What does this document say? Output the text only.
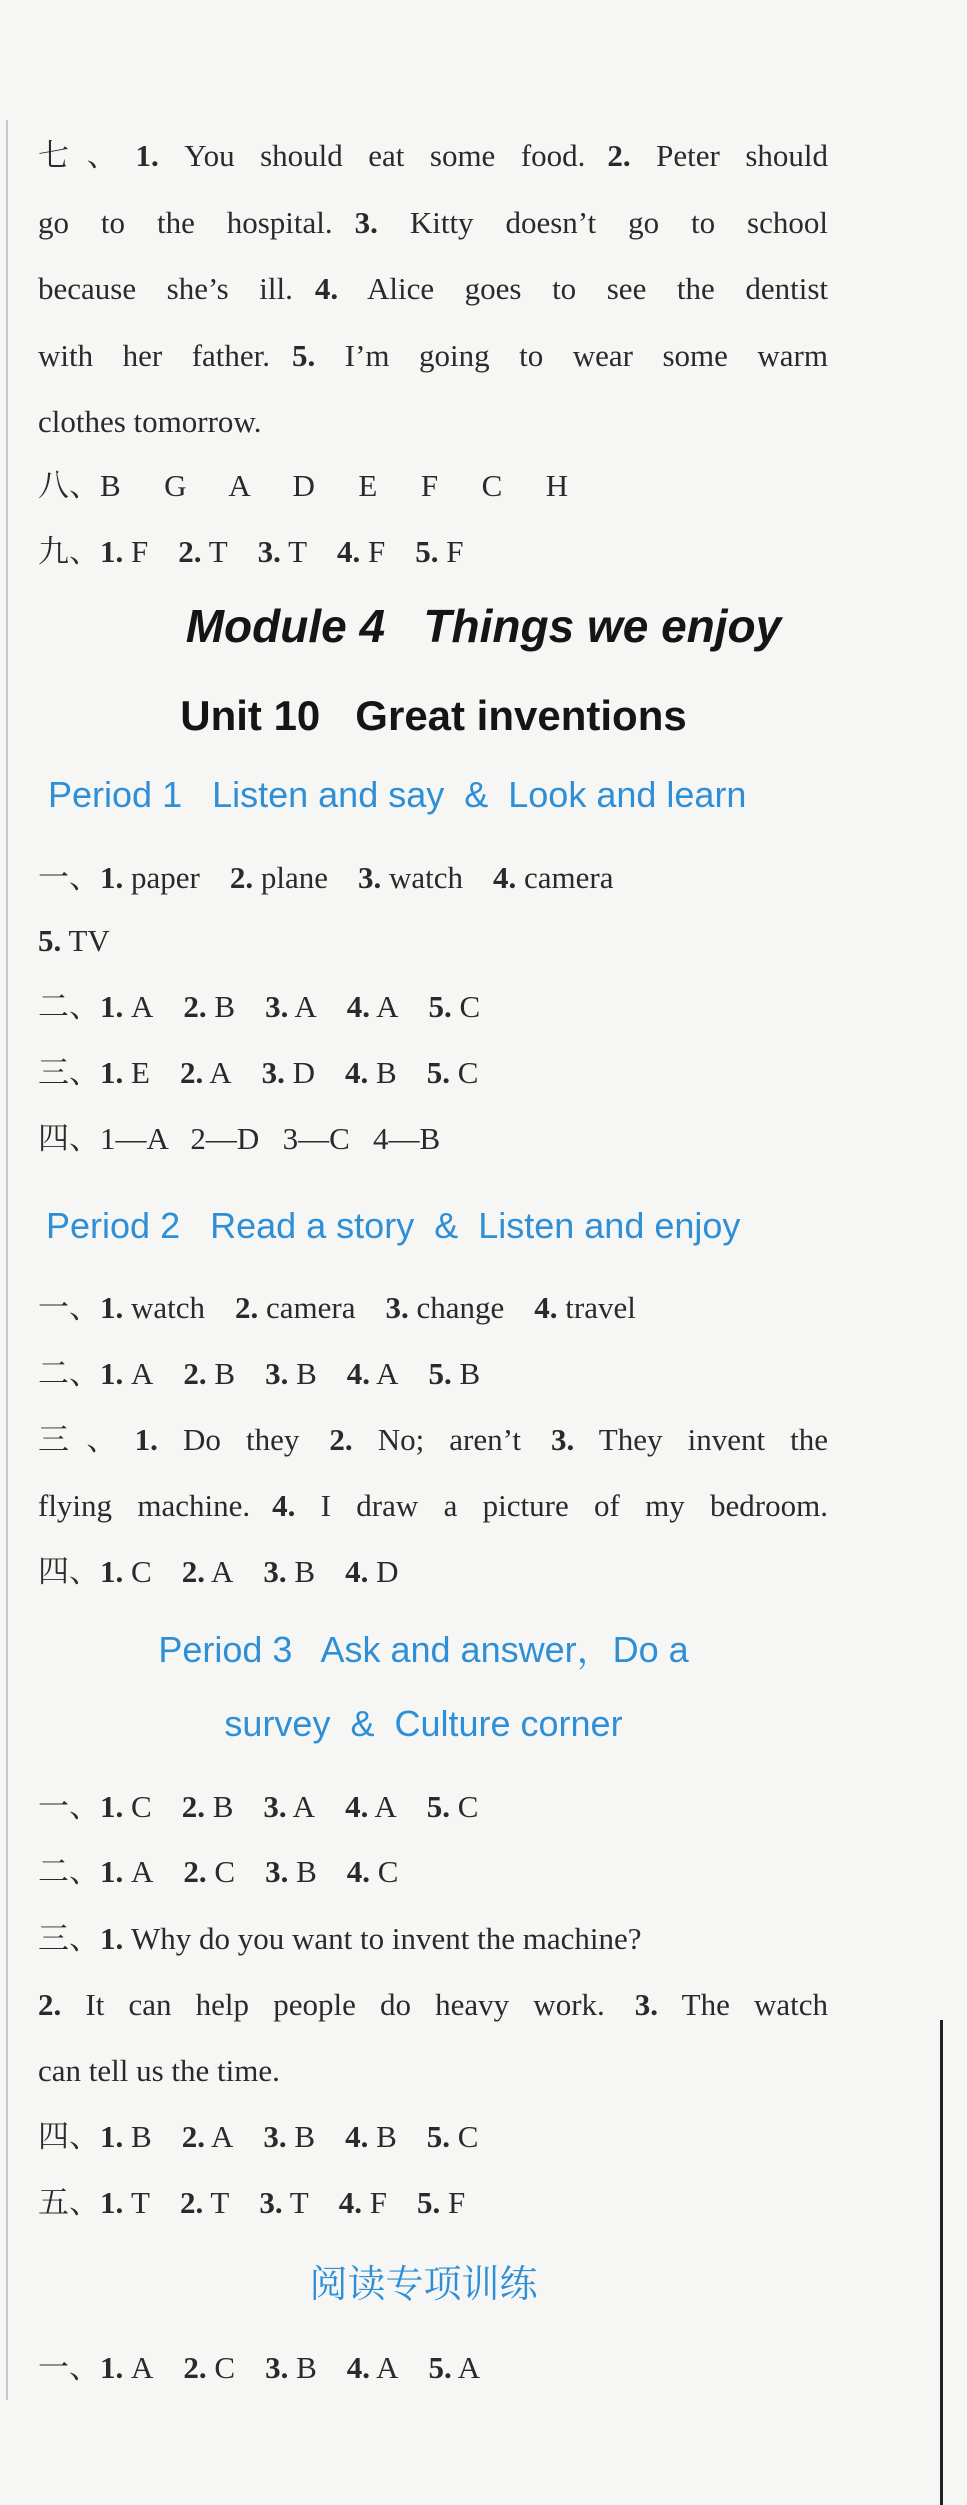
七、1. You should eat some food. 2. Peter should
go to the hospital. 3. Kitty doesn’t go to school
because she’s ill. 4. Alice goes to see the dentist
with her father. 5. I’m going to wear some warm
clothes tomorrow.
八、B  G  A  D  E  F  C  H
九、1. F 2. T 3. T 4. F 5. F
Module 4   Things we enjoy
Unit 10   Great inventions
Period 1   Listen and say  &  Look and learn
一、1. paper 2. plane 3. watch 4. camera
5. TV
二、1. A 2. B 3. A 4. A 5. C
三、1. E 2. A 3. D 4. B 5. C
四、1—A   2—D   3—C   4—B
Period 2   Read a story  &  Listen and enjoy
一、1. watch 2. camera 3. change 4. travel
二、1. A 2. B 3. B 4. A 5. B
三、1. Do they 2. No; aren’t 3. They invent the
flying machine. 4. I draw a picture of my bedroom.
四、1. C 2. A 3. B 4. D
Period 3   Ask and answer，Do a
survey  &  Culture corner
一、1. C 2. B 3. A 4. A 5. C
二、1. A 2. C 3. B 4. C
三、1. Why do you want to invent the machine?
2. It can help people do heavy work. 3. The watch
can tell us the time.
四、1. B 2. A 3. B 4. B 5. C
五、1. T 2. T 3. T 4. F 5. F
阅读专项训练
一、1. A 2. C 3. B 4. A 5. A
